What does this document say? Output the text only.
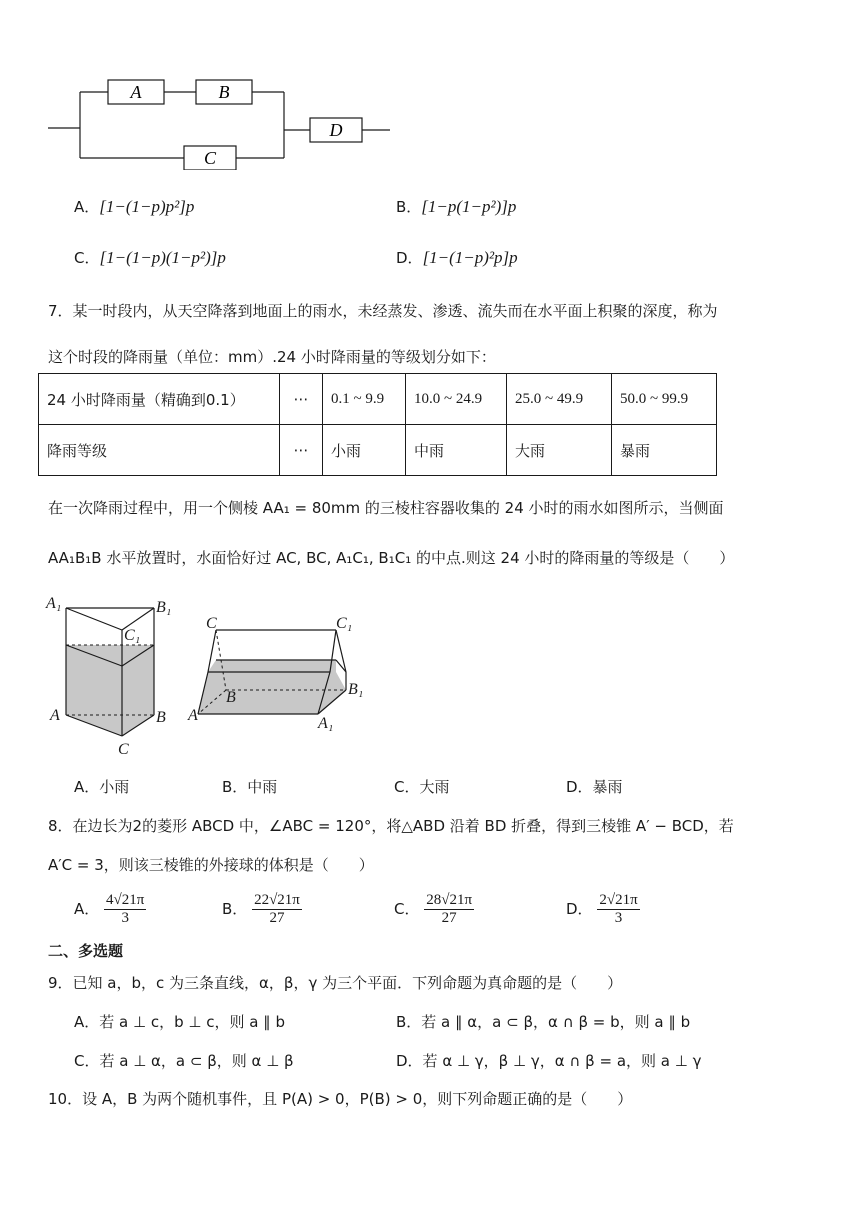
A	B
C
D
A．[1−(1−p)p²]p	B．[1−p(1−p²)]p
C．[1−(1−p)(1−p²)]p	D．[1−(1−p)²p]p
7．某一时段内，从天空降落到地面上的雨水，未经蒸发、渗透、流失而在水平面上积聚的深度，称为
这个时段的降雨量（单位：mm）.24 小时降雨量的等级划分如下：
24 小时降雨量（精确到0.1）	⋯	0.1 ~ 9.9	10.0 ~ 24.9	25.0 ~ 49.9	50.0 ~ 99.9
降雨等级	⋯	小雨	中雨	大雨	暴雨
在一次降雨过程中，用一个侧棱 AA₁ = 80mm 的三棱柱容器收集的 24 小时的雨水如图所示，当侧面
AA₁B₁B 水平放置时，水面恰好过 AC, BC, A₁C₁, B₁C₁ 的中点.则这 24 小时的降雨量的等级是（　　）
A₁	B₁
C₁
A	B
C
C	C₁
B	B₁
A	A₁
A．小雨	B．中雨	C．大雨	D．暴雨
8．在边长为2的菱形 ABCD 中，∠ABC = 120°，将△ABD 沿着 BD 折叠，得到三棱锥 A′ − BCD，若
A′C = 3，则该三棱锥的外接球的体积是（　　）
A． $\frac{4√21\pi}{3}$	B． $\frac{22√21\pi}{27}$	C． $\frac{28√21\pi}{27}$	D． $\frac{2√21\pi}{3}$
二、多选题
9．已知 a，b，c 为三条直线，α，β，γ 为三个平面．下列命题为真命题的是（　　）
A．若 a ⊥ c，b ⊥ c，则 a ∥ b	B．若 a ∥ α，a ⊂ β，α ∩ β = b，则 a ∥ b
C．若 a ⊥ α，a ⊂ β，则 α ⊥ β	D．若 α ⊥ γ，β ⊥ γ，α ∩ β = a，则 a ⊥ γ
10．设 A，B 为两个随机事件，且 P(A) > 0，P(B) > 0，则下列命题正确的是（　　）
